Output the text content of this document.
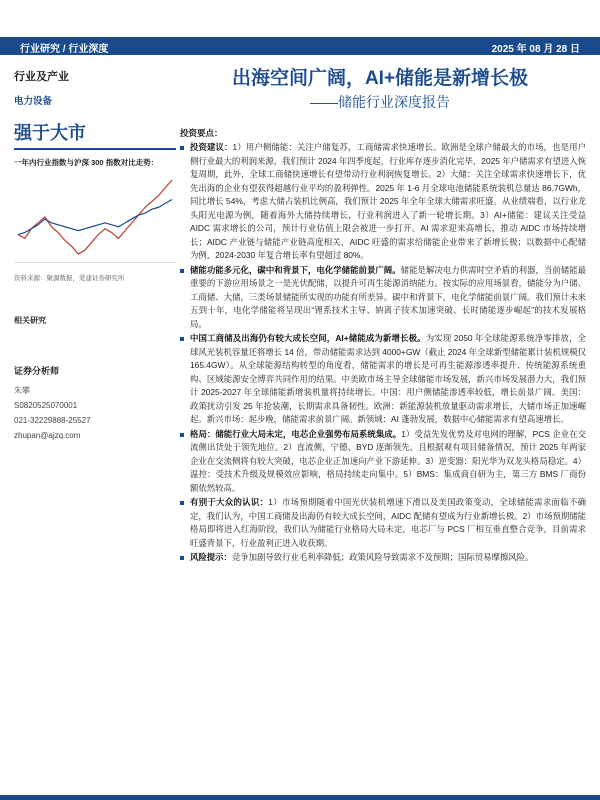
行业研究 / 行业深度	2025 年 08 月 28 日
行业及产业
电力设备
强于大市
一年内行业指数与沪深 300 指数对比走势：
资料来源：聚源数据，爱建证券研究所
相关研究
证券分析师
朱攀
S0820525070001
021-32229888-25527
zhupan@ajzq.com
出海空间广阔，AI+储能是新增长极
——储能行业深度报告
投资要点：
投资建议：1）用户侧储能：关注户储复苏，工商储需求快速增长。欧洲是全球户储最大的市场，也是用户侧行业最大的利润来源，我们预计 2024 年四季度起，行业库存逐步消化完毕，2025 年户储需求有望进入恢复周期，此外，全球工商储快速增长有望带动行业利润恢复增长。2）大储：关注全球需求快速增长下，优先出海的企业有望获得超越行业平均的盈利弹性。2025 年 1-6 月全球电池储能系统装机总量达 86.7GWh，同比增长 54%，考虑大储占装机比例高，我们预计 2025 年全年全球大储需求旺盛。从业绩端看，以行业龙头阳光电源为例，随着海外大储持续增长，行业利润进入了新一轮增长期。3）AI+储能：建议关注受益 AIDC 需求增长的公司，预计行业估值上限会被进一步打开。AI 需求迎来高增长，推动 AIDC 市场持续增长；AIDC 产业链与储能产业链高度相关，AIDC 旺盛的需求给储能企业带来了新增长极；以数据中心配储为例，2024-2030 年复合增长率有望超过 80%。
储能功能多元化，碳中和背景下，电化学储能前景广阔。储能是解决电力供需时空矛盾的利器，当前储能最重要的下游应用场景之一是光伏配储，以提升可再生能源消纳能力。按实际的应用场景看，储能分为户储、工商储、大储，三类场景储能所实现的功能有所差异。碳中和背景下，电化学储能前景广阔。我们预计未来五到十年，电化学储能将呈现出“锂系技术主导、钠离子技术加速突破、长时储能逐步崛起”的技术发展格局。
中国工商储及出海仍有较大成长空间，AI+储能成为新增长极。为实现 2050 年全球能源系统净零排放，全球风光装机容量还将增长 14 倍，带动储能需求达到 4000+GW（截止 2024 年全球新型储能累计装机规模仅 165.4GW）。从全球能源结构转型的角度看，储能需求的增长是可再生能源渗透率提升、传统能源系统重构、区域能源安全博弈共同作用的结果。中美欧市场主导全球储能市场发展，新兴市场发展潜力大，我们预计 2025-2027 年全球储能新增装机量将持续增长。中国：用户侧储能渗透率较低，增长前景广阔。美国：政策扰动引发 25 年抢装潮，长期需求具备韧性。欧洲：新能源装机放量驱动需求增长，大储市场正加速崛起。新兴市场：起步晚，储能需求前景广阔。新领域：AI 蓬勃发展，数据中心储能需求有望高速增长。
格局：储能行业大局未定，电芯企业强势布局系统集成。1）受益先发优势及对电网的理解，PCS 企业在交流侧出货处于领先地位。2）直流侧，宁德、BYD 逐渐领先，且根据观有项目储备情况，预计 2025 年两家企业在交流侧将有较大突破，电芯企业正加速向产业下游延伸。3）逆变器：阳光华为双龙头格局稳定。4）温控：受技术升级及规模效应影响，格局持续走向集中。5）BMS：集成商自研为主，第三方 BMS 厂商份额依然较高。
有别于大众的认识：1）市场预期随着中国光伏装机增速下滑以及美国政策变动，全球储能需求面临不确定，我们认为，中国工商储及出海仍有较大成长空间，AIDC 配储有望成为行业新增长极。2）市场预期储能格局即将进入红海阶段，我们认为储能行业格局大局未定，电芯厂与 PCS 厂相互垂直整合竞争，目前需求旺盛背景下，行业盈利正进入收获期。
风险提示：竞争加剧导致行业毛利率降低；政策风险导致需求不及预期；国际贸易摩擦风险。
